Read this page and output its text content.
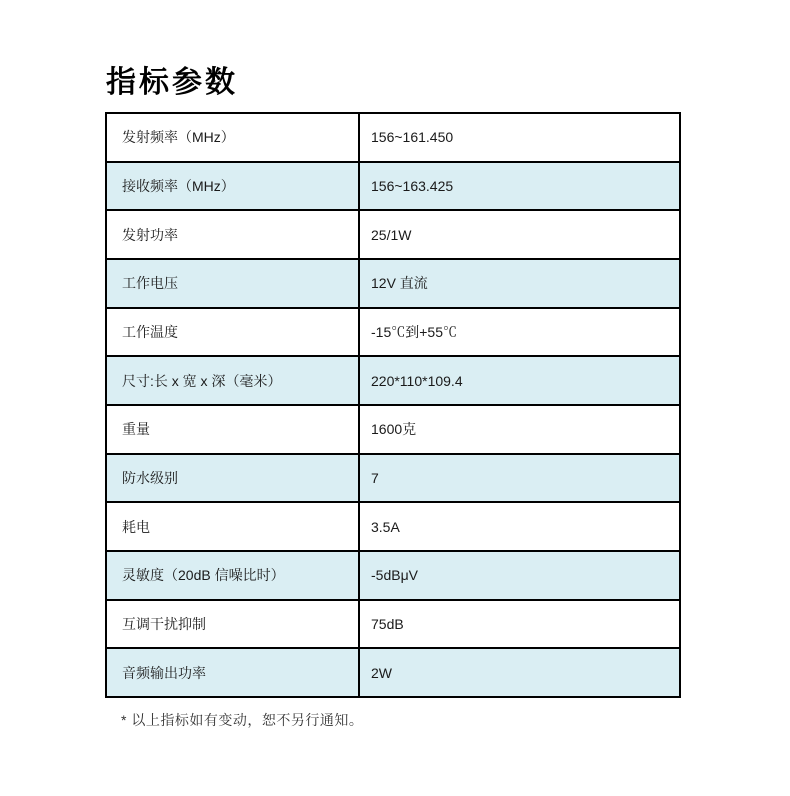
指标参数
发射频率（MHz）	156~161.450
接收频率（MHz）	156~163.425
发射功率	25/1W
工作电压	12V 直流
工作温度	-15℃到+55℃
尺寸:长 x 宽 x 深（毫米）	220*110*109.4
重量	1600克
防水级别	7
耗电	3.5A
灵敏度（20dB 信噪比时）	-5dBμV
互调干扰抑制	75dB
音频输出功率	2W
* 以上指标如有变动，恕不另行通知。
